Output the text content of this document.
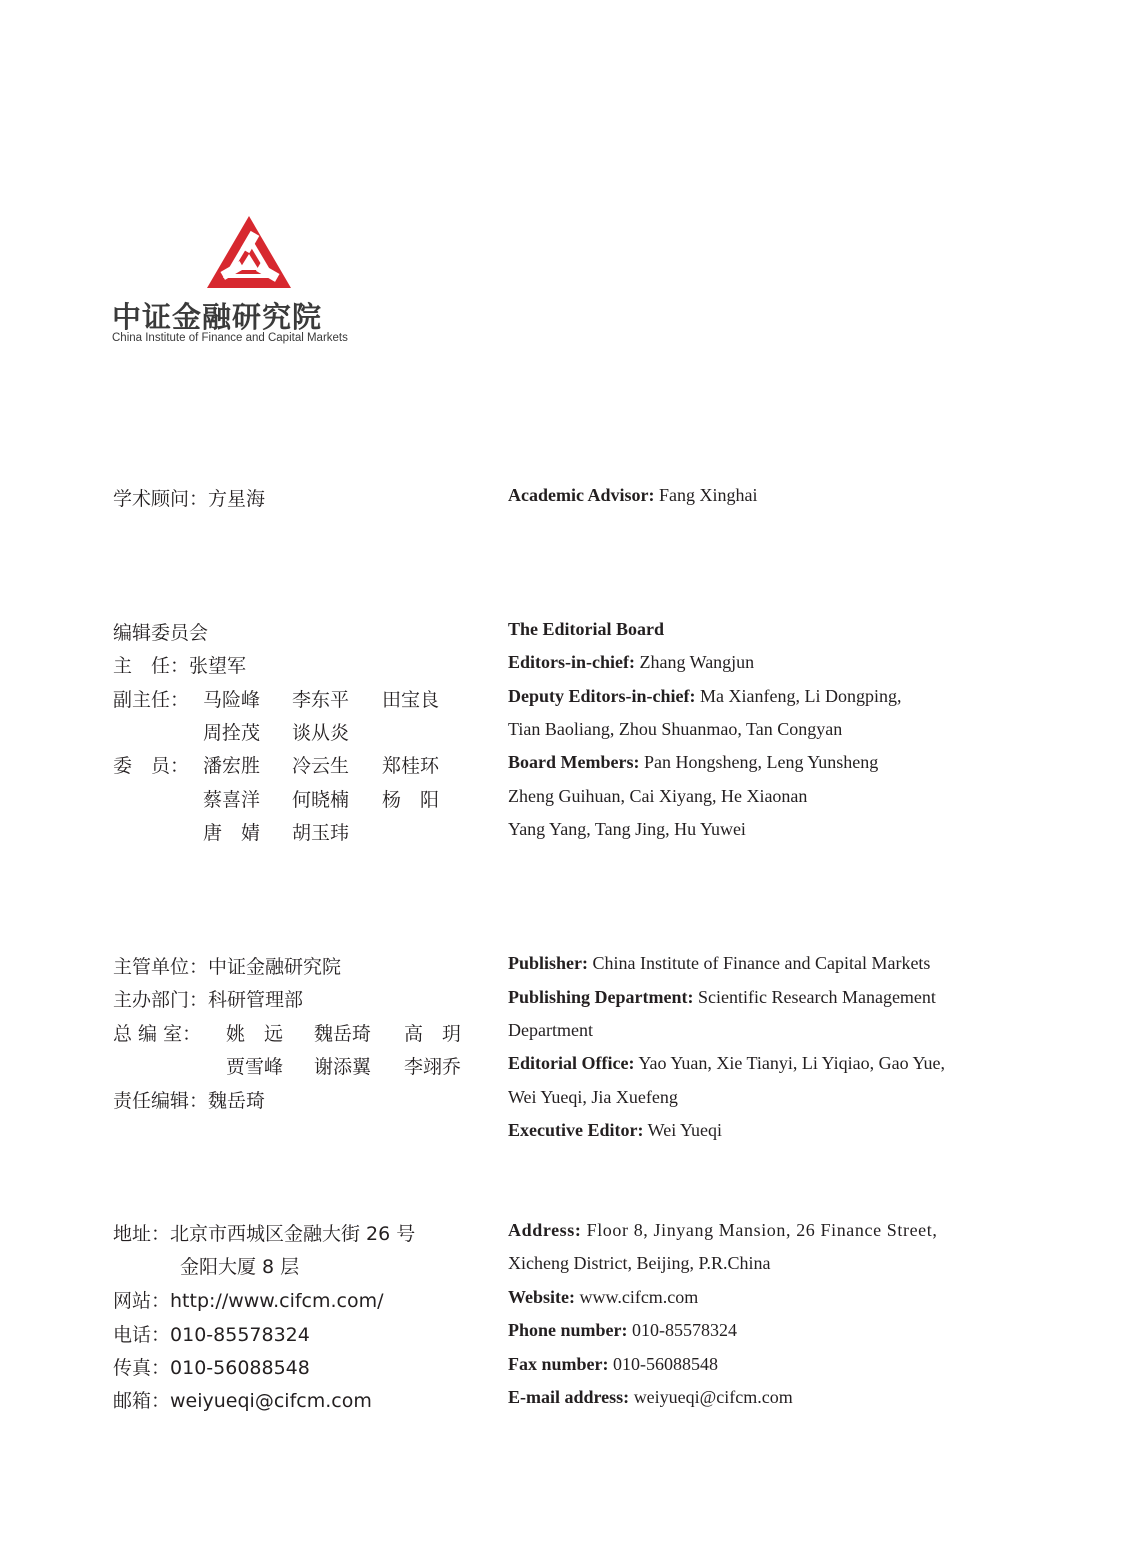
中证金融研究院
China Institute of Finance and Capital Markets
学术顾问：方星海	Academic Advisor: Fang Xinghai
编辑委员会
主　任：张望军
副主任： 马险峰 李东平 田宝良
周拴茂 谈从炎
委　员： 潘宏胜 冷云生 郑桂环
蔡喜洋 何晓楠 杨　阳
唐　婧 胡玉玮
The Editorial Board
Editors-in-chief: Zhang Wangjun
Deputy Editors-in-chief: Ma Xianfeng, Li Dongping,
Tian Baoliang, Zhou Shuanmao, Tan Congyan
Board Members: Pan Hongsheng, Leng Yunsheng
Zheng Guihuan, Cai Xiyang, He Xiaonan
Yang Yang, Tang Jing, Hu Yuwei
主管单位：中证金融研究院
主办部门：科研管理部
总 编 室： 姚　远 魏岳琦 高　玥
贾雪峰 谢添翼 李翊乔
责任编辑：魏岳琦
Publisher: China Institute of Finance and Capital Markets
Publishing Department: Scientific Research Management
Department
Editorial Office: Yao Yuan, Xie Tianyi, Li Yiqiao, Gao Yue,
Wei Yueqi, Jia Xuefeng
Executive Editor: Wei Yueqi
地址：北京市西城区金融大街 26 号
金阳大厦 8 层
网站：http://www.cifcm.com/
电话：010-85578324
传真：010-56088548
邮箱：weiyueqi@cifcm.com
Address: Floor 8, Jinyang Mansion, 26 Finance Street,
Xicheng District, Beijing, P.R.China
Website: www.cifcm.com
Phone number: 010-85578324
Fax number: 010-56088548
E-mail address: weiyueqi@cifcm.com
